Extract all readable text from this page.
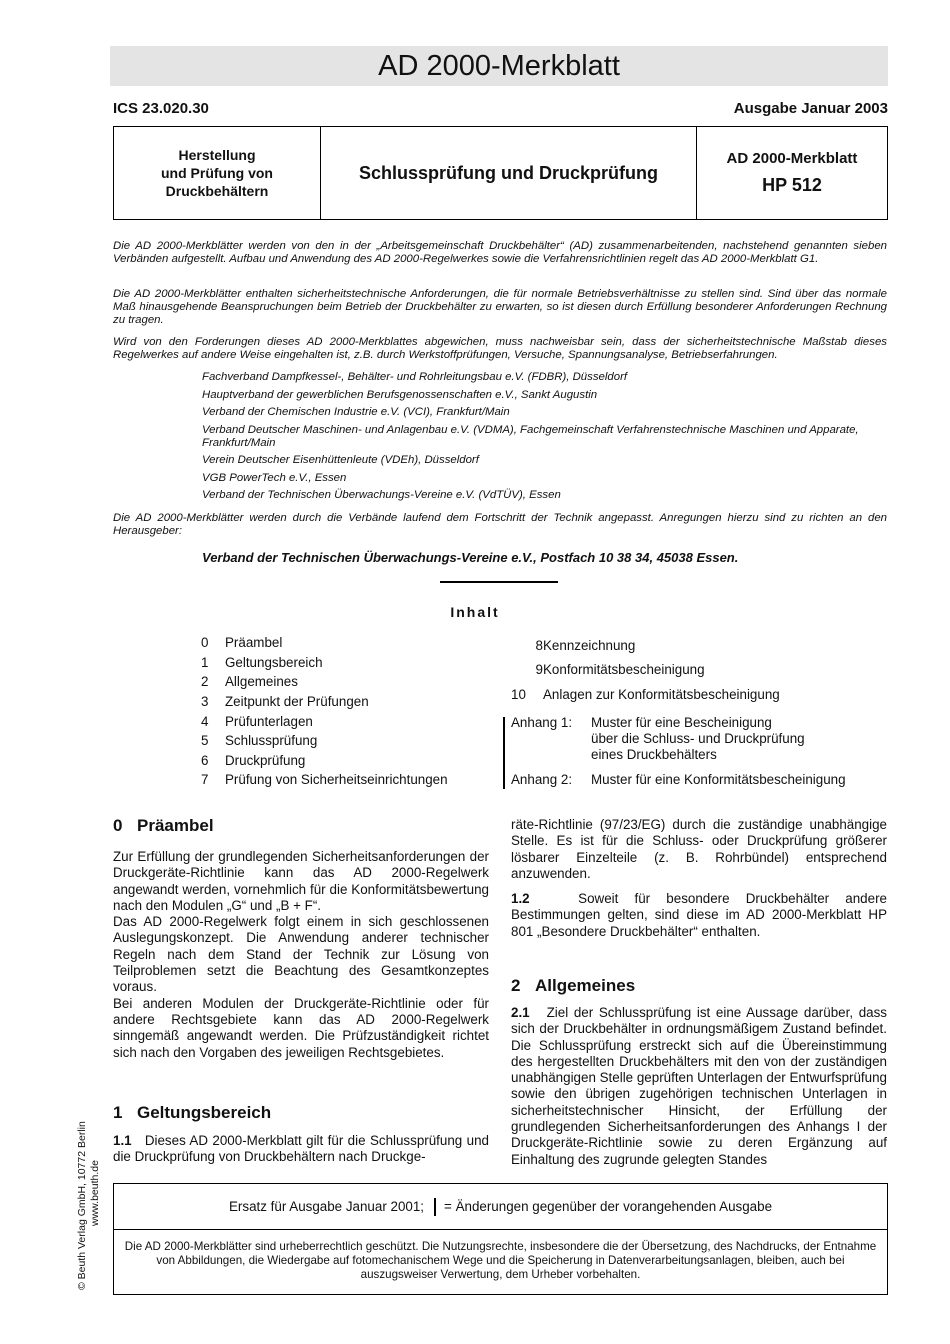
AD 2000-Merkblatt
ICS 23.020.30	Ausgabe Januar 2003
Herstellung
und Prüfung von
Druckbehältern
Schlussprüfung und Druckprüfung
AD 2000-Merkblatt
HP 512
Die AD 2000-Merkblätter werden von den in der „Arbeitsgemeinschaft Druckbehälter“ (AD) zusammenarbeitenden, nachstehend genannten sieben Verbänden aufgestellt. Aufbau und Anwendung des AD 2000-Regelwerkes sowie die Verfahrensrichtlinien regelt das AD 2000-Merkblatt G1.
Die AD 2000-Merkblätter enthalten sicherheitstechnische Anforderungen, die für normale Betriebsverhältnisse zu stellen sind. Sind über das normale Maß hinausgehende Beanspruchungen beim Betrieb der Druckbehälter zu erwarten, so ist diesen durch Erfüllung besonderer Anforderungen Rechnung zu tragen.
Wird von den Forderungen dieses AD 2000-Merkblattes abgewichen, muss nachweisbar sein, dass der sicherheitstechnische Maßstab dieses Regelwerkes auf andere Weise eingehalten ist, z.B. durch Werkstoffprüfungen, Versuche, Spannungsanalyse, Betriebserfahrungen.
Fachverband Dampfkessel-, Behälter- und Rohrleitungsbau e.V. (FDBR), Düsseldorf
Hauptverband der gewerblichen Berufsgenossenschaften e.V., Sankt Augustin
Verband der Chemischen Industrie e.V. (VCI), Frankfurt/Main
Verband Deutscher Maschinen- und Anlagenbau e.V. (VDMA), Fachgemeinschaft Verfahrenstechnische Maschinen und Apparate, Frankfurt/Main
Verein Deutscher Eisenhüttenleute (VDEh), Düsseldorf
VGB PowerTech e.V., Essen
Verband der Technischen Überwachungs-Vereine e.V. (VdTÜV), Essen
Die AD 2000-Merkblätter werden durch die Verbände laufend dem Fortschritt der Technik angepasst. Anregungen hierzu sind zu richten an den Herausgeber:
Verband der Technischen Überwachungs-Vereine e.V., Postfach 10 38 34, 45038 Essen.
Inhalt
0	Präambel
1	Geltungsbereich
2	Allgemeines
3	Zeitpunkt der Prüfungen
4	Prüfunterlagen
5	Schlussprüfung
6	Druckprüfung
7	Prüfung von Sicherheitseinrichtungen
8 Kennzeichnung
9 Konformitätsbescheinigung
10	Anlagen zur Konformitätsbescheinigung
Anhang 1:	Muster für eine Bescheinigung
über die Schluss- und Druckprüfung
eines Druckbehälters
Anhang 2:	Muster für eine Konformitätsbescheinigung
0 Präambel
Zur Erfüllung der grundlegenden Sicherheitsanforderungen der Druckgeräte-Richtlinie kann das AD 2000-Regelwerk angewandt werden, vornehmlich für die Konformitätsbewertung nach den Modulen „G“ und „B + F“.
Das AD 2000-Regelwerk folgt einem in sich geschlossenen Auslegungskonzept. Die Anwendung anderer technischer Regeln nach dem Stand der Technik zur Lösung von Teilproblemen setzt die Beachtung des Gesamtkonzeptes voraus.
Bei anderen Modulen der Druckgeräte-Richtlinie oder für andere Rechtsgebiete kann das AD 2000-Regelwerk sinngemäß angewandt werden. Die Prüfzuständigkeit richtet sich nach den Vorgaben des jeweiligen Rechtsgebietes.
1 Geltungsbereich
1.1 Dieses AD 2000-Merkblatt gilt für die Schlussprüfung und die Druckprüfung von Druckbehältern nach Druckge-
räte-Richtlinie (97/23/EG) durch die zuständige unabhängige Stelle. Es ist für die Schluss- oder Druckprüfung größerer lösbarer Einzelteile (z. B. Rohrbündel) entsprechend anzuwenden.
1.2	Soweit für besondere Druckbehälter andere Bestimmungen gelten, sind diese im AD 2000-Merkblatt HP 801 „Besondere Druckbehälter“ enthalten.
2 Allgemeines
2.1 Ziel der Schlussprüfung ist eine Aussage darüber, dass sich der Druckbehälter in ordnungsmäßigem Zustand befindet. Die Schlussprüfung erstreckt sich auf die Übereinstimmung des hergestellten Druckbehälters mit den von der zuständigen unabhängigen Stelle geprüften Unterlagen der Entwurfsprüfung sowie den übrigen zugehörigen technischen Unterlagen in sicherheitstechnischer Hinsicht, der Erfüllung der grundlegenden Sicherheitsanforderungen des Anhangs I der Druckgeräte-Richtlinie sowie zu deren Ergänzung auf Einhaltung des zugrunde gelegten Standes
Ersatz für Ausgabe Januar 2001; = Änderungen gegenüber der vorangehenden Ausgabe
Die AD 2000-Merkblätter sind urheberrechtlich geschützt. Die Nutzungsrechte, insbesondere die der Übersetzung, des Nachdrucks, der Entnahme von Abbildungen, die Wiedergabe auf fotomechanischem Wege und die Speicherung in Datenverarbeitungsanlagen, bleiben, auch bei auszugsweiser Verwertung, dem Urheber vorbehalten.
© Beuth Verlag GmbH, 10772 Berlin www.beuth.de
